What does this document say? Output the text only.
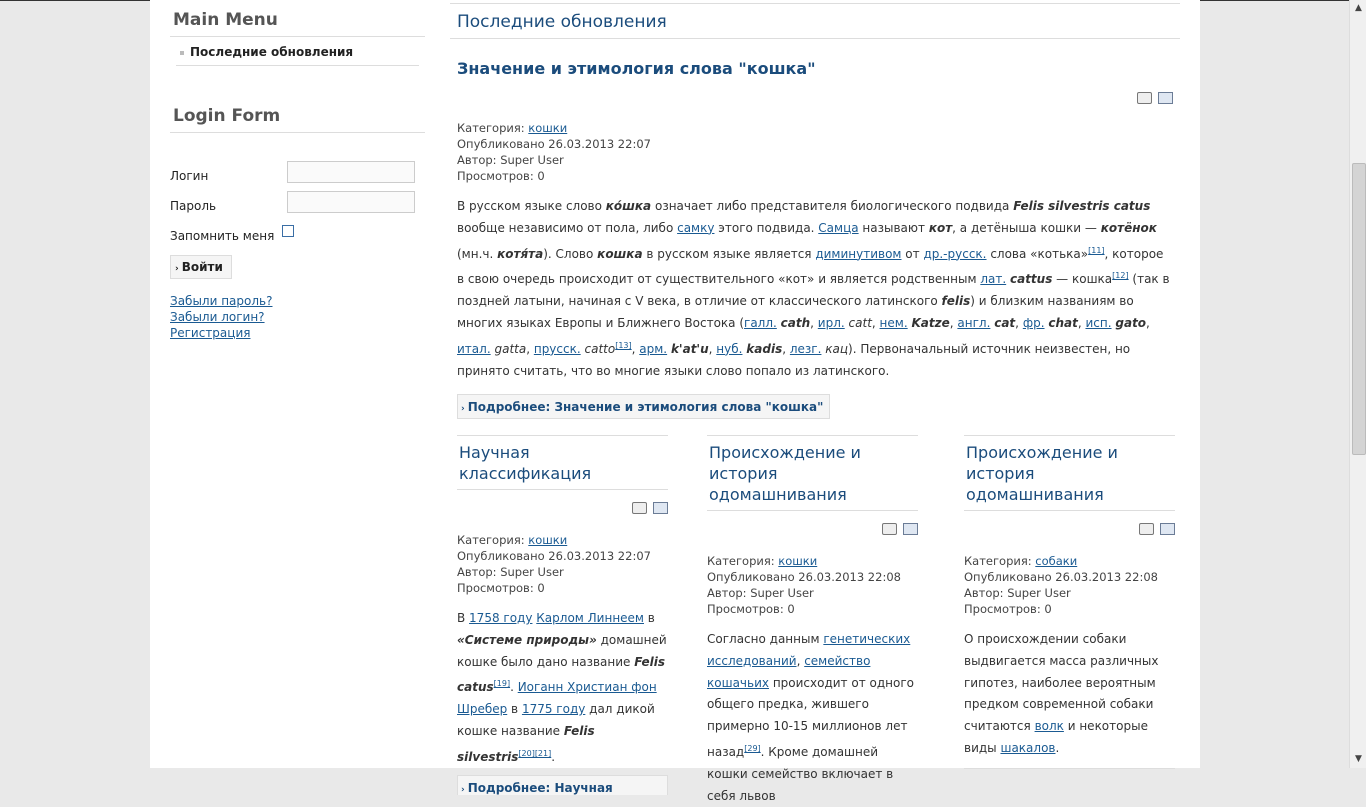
Main Menu
Последние обновления
Login Form
Логин
Пароль
Запомнить меня
› Войти
Забыли пароль?
Забыли логин?
Регистрация
Последние обновления
Значение и этимология слова "кошка"
Категория: кошки
Опубликовано 26.03.2013 22:07
Автор: Super User
Просмотров: 0
В русском языке слово ко́шка означает либо представителя биологического подвида Felis silvestris catus вообще независимо от пола, либо самку этого подвида. Самца называют кот, а детёныша кошки — котёнок (мн.ч. котя́та). Слово кошка в русском языке является диминутивом от др.-русск. слова «котька»[11], которое в свою очередь происходит от существительного «кот» и является родственным лат. cattus — кошка[12] (так в поздней латыни, начиная с V века, в отличие от классического латинского felis) и близким названиям во многих языках Европы и Ближнего Востока (галл. cath, ирл. catt, нем. Katze, англ. cat, фр. chat, исп. gato, итал. gatta, прусск. catto[13], арм. k'at'u, нуб. kadis, лезг. кац). Первоначальный источник неизвестен, но принято считать, что во многие языки слово попало из латинского.
› Подробнее: Значение и этимология слова "кошка"
Научная классификация
Категория: кошки
Опубликовано 26.03.2013 22:07
Автор: Super User
Просмотров: 0
В 1758 году Карлом Линнеем в «Системе природы» домашней кошке было дано название Felis catus[19]. Иоганн Христиан фон Шребер в 1775 году дал дикой кошке название Felis silvestris[20][21].
› Подробнее: Научная
Происхождение и история одомашнивания
Категория: кошки
Опубликовано 26.03.2013 22:08
Автор: Super User
Просмотров: 0
Согласно данным генетических исследований, семейство кошачьих происходит от одного общего предка, жившего примерно 10-15 миллионов лет назад[29]. Кроме домашней кошки семейство включает в себя львов
Происхождение и история одомашнивания
Категория: собаки
Опубликовано 26.03.2013 22:08
Автор: Super User
Просмотров: 0
О происхождении собаки выдвигается масса различных гипотез, наиболее вероятным предком современной собаки считаются волк и некоторые виды шакалов.
▲
▼
